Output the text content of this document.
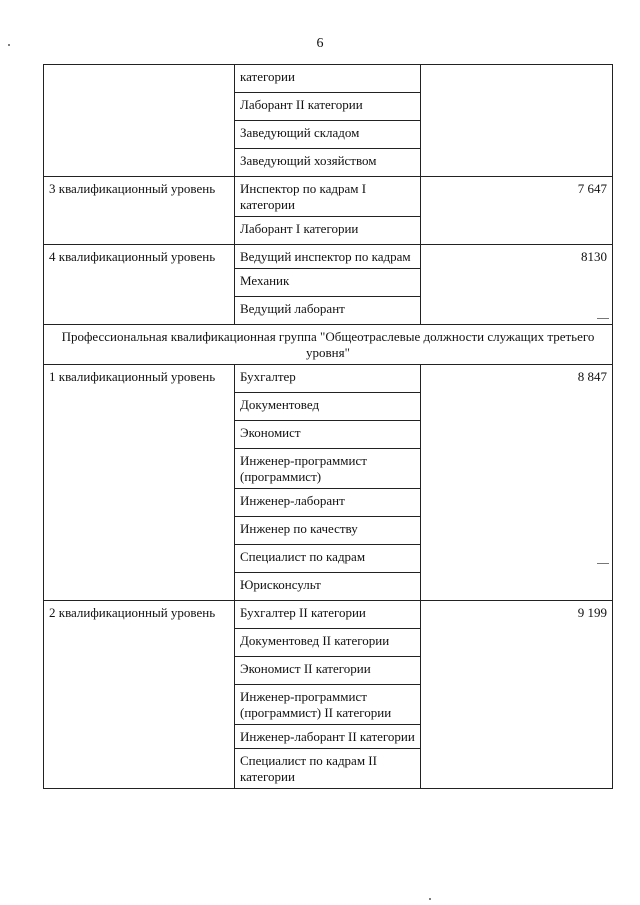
6
	категории	
	Лаборант II категории	
	Заведующий складом	
	Заведующий хозяйством	
3 квалификационный уровень	Инспектор по кадрам I категории	7 647
	Лаборант I категории	
4 квалификационный уровень	Ведущий инспектор по кадрам	8130
	Механик	
	Ведущий лаборант	
Профессиональная квалификационная группа "Общеотраслевые должности служащих третьего уровня"		
1 квалификационный уровень	Бухгалтер	8 847
	Документовед	
	Экономист	
	Инженер-программист (программист)	
	Инженер-лаборант	
	Инженер по качеству	
	Специалист по кадрам	
	Юрисконсульт	
2 квалификационный уровень	Бухгалтер II категории	9 199
	Документовед II категории	
	Экономист II категории	
	Инженер-программист (программист) II категории	
	Инженер-лаборант II категории	
	Специалист по кадрам II категории	
